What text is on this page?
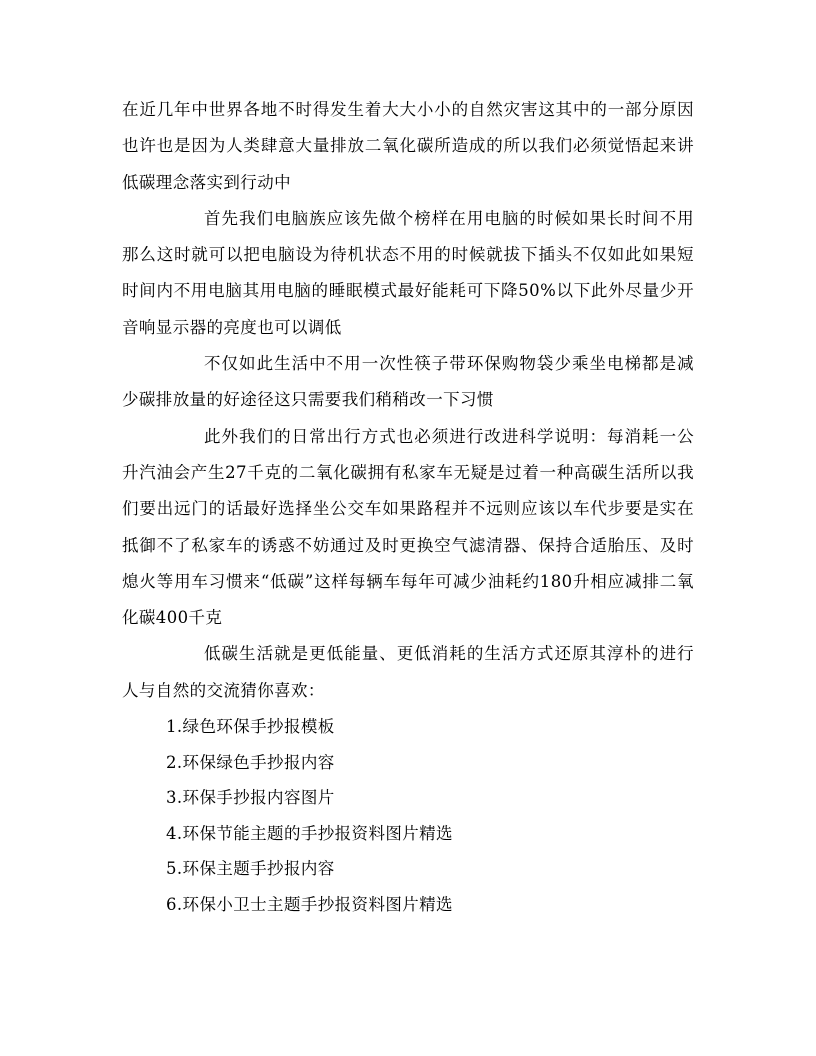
在近几年中世界各地不时得发生着大大小小的自然灾害这其中的一部分原因也许也是因为人类肆意大量排放二氧化碳所造成的所以我们必须觉悟起来讲低碳理念落实到行动中

首先我们电脑族应该先做个榜样在用电脑的时候如果长时间不用那么这时就可以把电脑设为待机状态不用的时候就拔下插头不仅如此如果短时间内不用电脑其用电脑的睡眠模式最好能耗可下降50%以下此外尽量少开音响显示器的亮度也可以调低

不仅如此生活中不用一次性筷子带环保购物袋少乘坐电梯都是减少碳排放量的好途径这只需要我们稍稍改一下习惯

此外我们的日常出行方式也必须进行改进科学说明：每消耗一公升汽油会产生27千克的二氧化碳拥有私家车无疑是过着一种高碳生活所以我们要出远门的话最好选择坐公交车如果路程并不远则应该以车代步要是实在抵御不了私家车的诱惑不妨通过及时更换空气滤清器、保持合适胎压、及时熄火等用车习惯来“低碳”这样每辆车每年可减少油耗约180升相应减排二氧化碳400千克

低碳生活就是更低能量、更低消耗的生活方式还原其淳朴的进行人与自然的交流猜你喜欢：

1.绿色环保手抄报模板
2.环保绿色手抄报内容
3.环保手抄报内容图片
4.环保节能主题的手抄报资料图片精选
5.环保主题手抄报内容
6.环保小卫士主题手抄报资料图片精选
